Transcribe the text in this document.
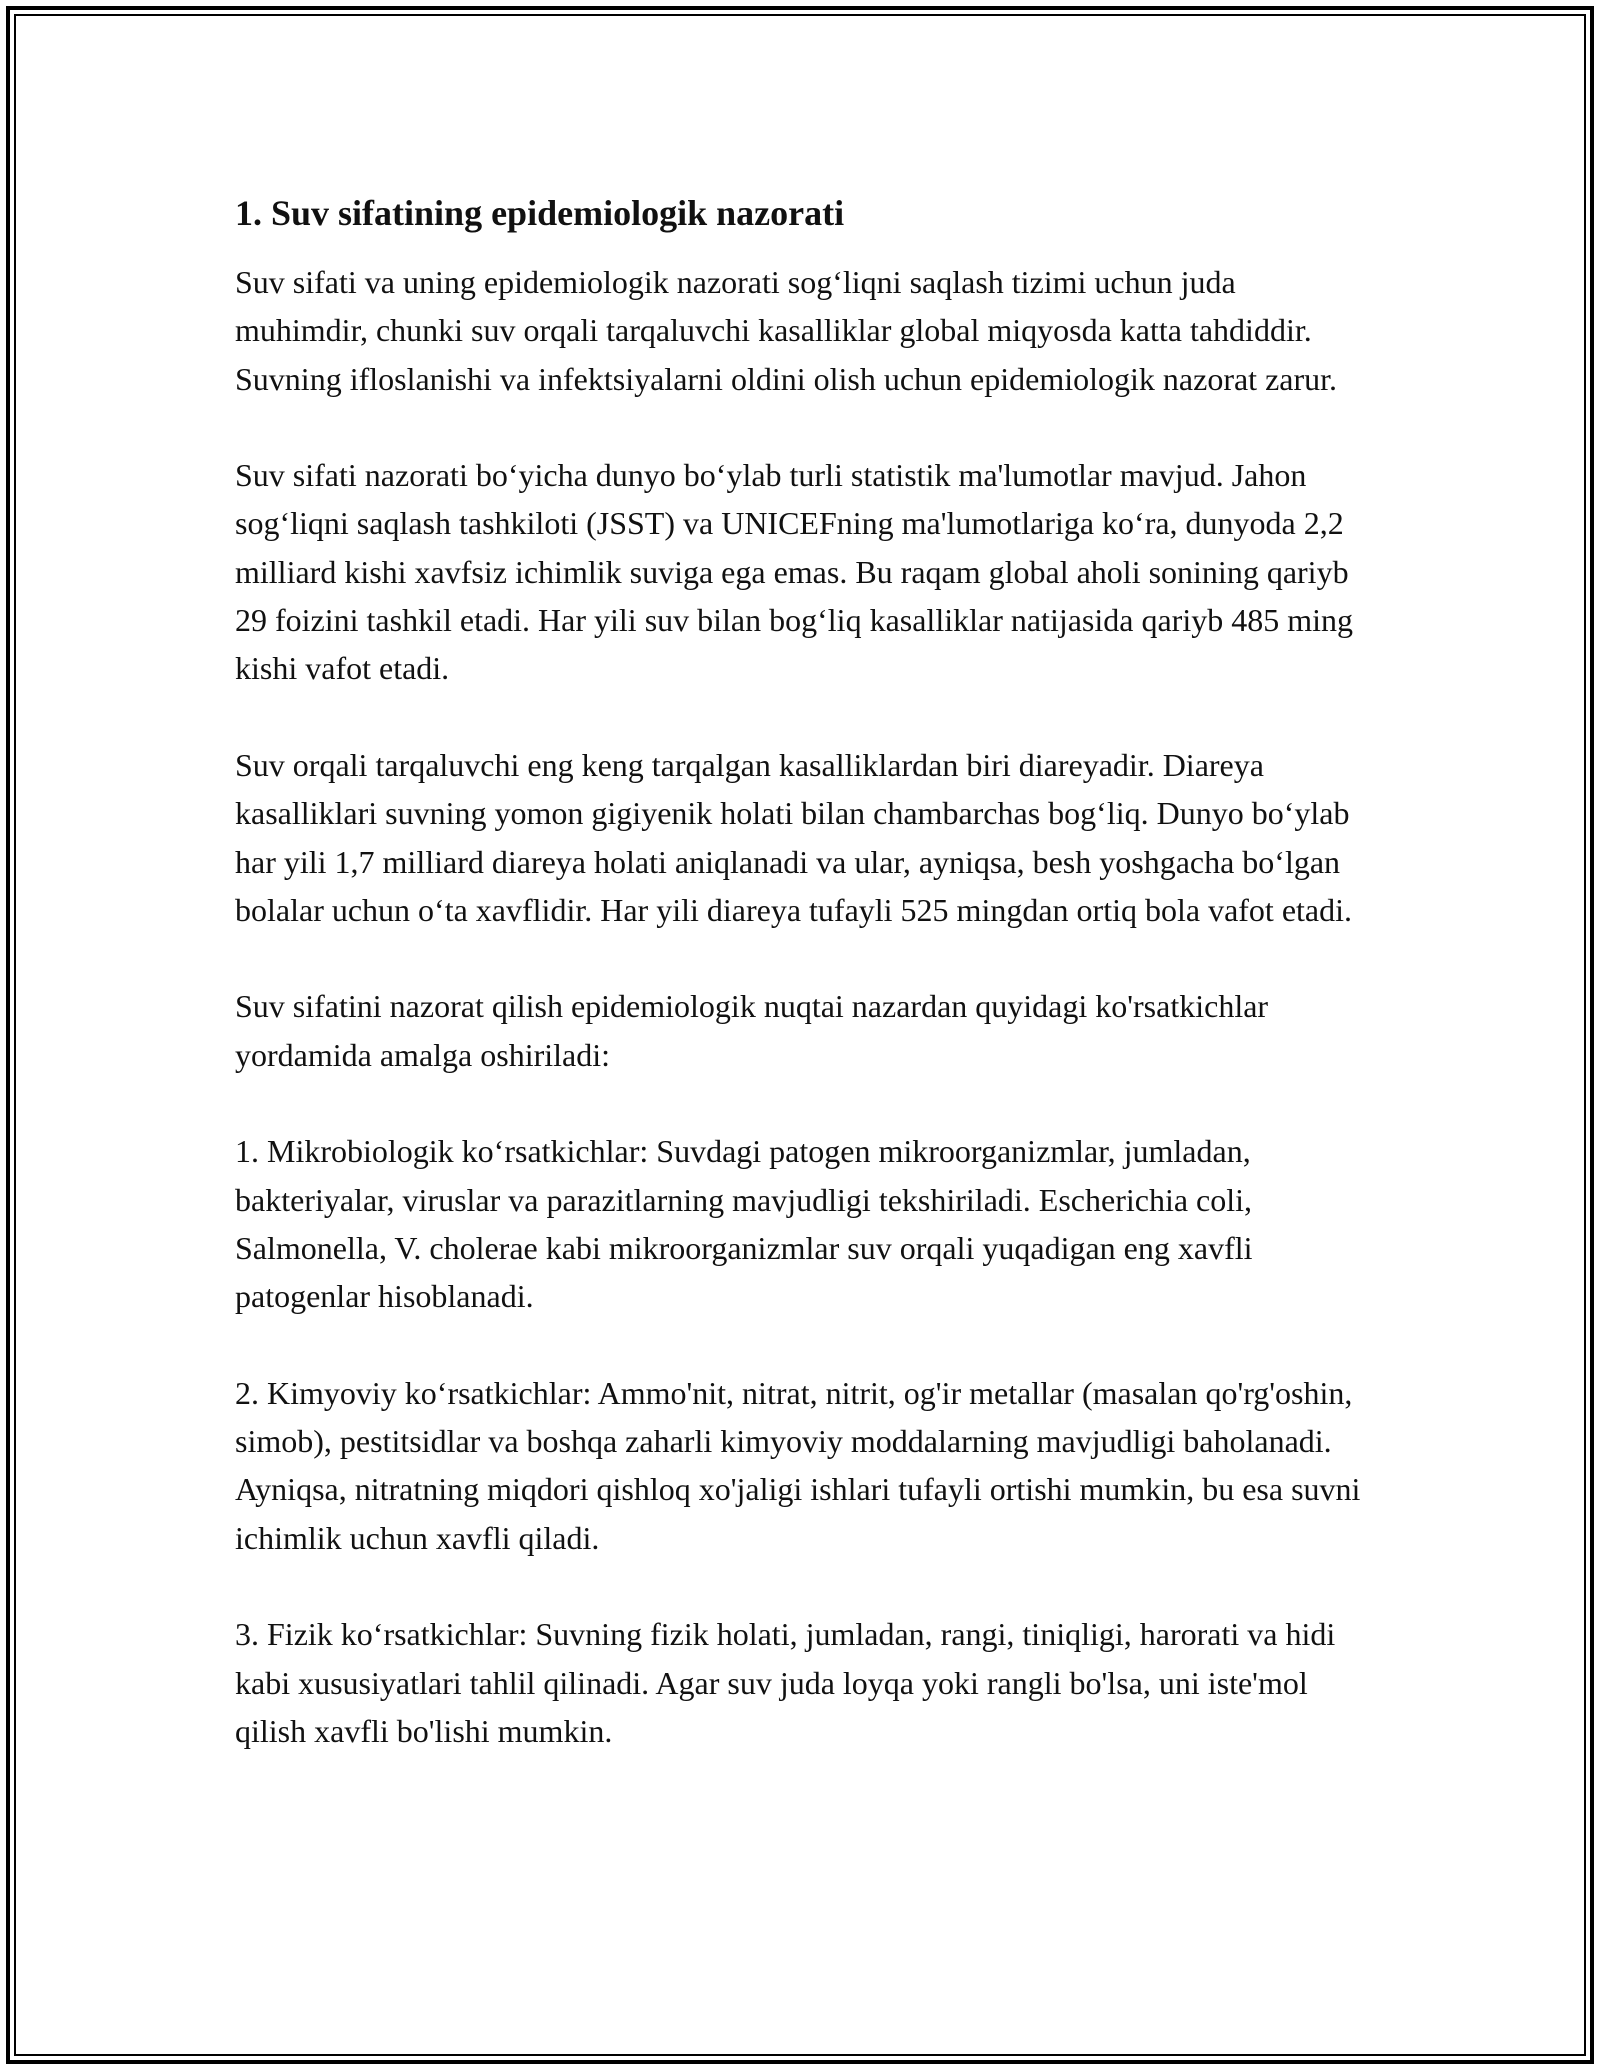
1. Suv sifatining epidemiologik nazorati

Suv sifati va uning epidemiologik nazorati sog‘liqni saqlash tizimi uchun juda muhimdir, chunki suv orqali tarqaluvchi kasalliklar global miqyosda katta tahdiddir. Suvning ifloslanishi va infektsiyalarni oldini olish uchun epidemiologik nazorat zarur.

Suv sifati nazorati bo‘yicha dunyo bo‘ylab turli statistik ma'lumotlar mavjud. Jahon sog‘liqni saqlash tashkiloti (JSST) va UNICEFning ma'lumotlariga ko‘ra, dunyoda 2,2 milliard kishi xavfsiz ichimlik suviga ega emas. Bu raqam global aholi sonining qariyb 29 foizini tashkil etadi. Har yili suv bilan bog‘liq kasalliklar natijasida qariyb 485 ming kishi vafot etadi.

Suv orqali tarqaluvchi eng keng tarqalgan kasalliklardan biri diareyadir. Diareya kasalliklari suvning yomon gigiyenik holati bilan chambarchas bog‘liq. Dunyo bo‘ylab har yili 1,7 milliard diareya holati aniqlanadi va ular, ayniqsa, besh yoshgacha bo‘lgan bolalar uchun o‘ta xavflidir. Har yili diareya tufayli 525 mingdan ortiq bola vafot etadi.

Suv sifatini nazorat qilish epidemiologik nuqtai nazardan quyidagi ko'rsatkichlar yordamida amalga oshiriladi:

1. Mikrobiologik ko‘rsatkichlar: Suvdagi patogen mikroorganizmlar, jumladan, bakteriyalar, viruslar va parazitlarning mavjudligi tekshiriladi. Escherichia coli, Salmonella, V. cholerae kabi mikroorganizmlar suv orqali yuqadigan eng xavfli patogenlar hisoblanadi.

2. Kimyoviy ko‘rsatkichlar: Ammo'nit, nitrat, nitrit, og'ir metallar (masalan qo'rg'oshin, simob), pestitsidlar va boshqa zaharli kimyoviy moddalarning mavjudligi baholanadi. Ayniqsa, nitratning miqdori qishloq xo'jaligi ishlari tufayli ortishi mumkin, bu esa suvni ichimlik uchun xavfli qiladi.

3. Fizik ko‘rsatkichlar: Suvning fizik holati, jumladan, rangi, tiniqligi, harorati va hidi kabi xususiyatlari tahlil qilinadi. Agar suv juda loyqa yoki rangli bo'lsa, uni iste'mol qilish xavfli bo'lishi mumkin.
